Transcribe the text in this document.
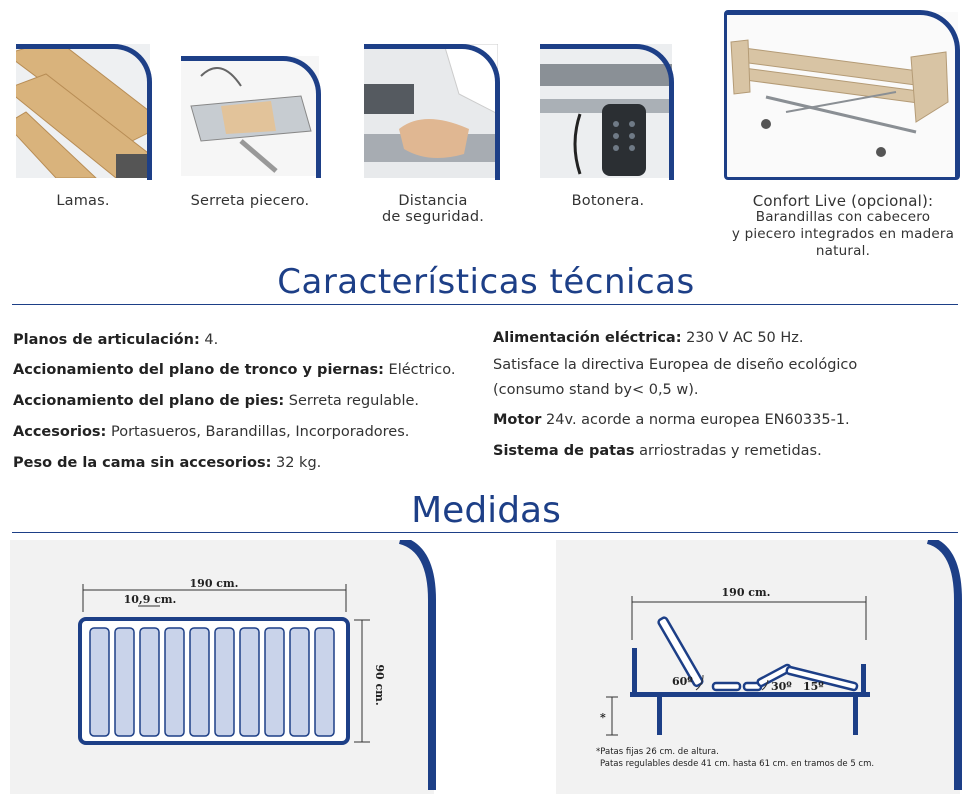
Lamas.	Serreta piecero.	Distancia
de seguridad.
Botonera.	Confort Live (opcional):
Barandillas con cabecero
y piecero integrados en madera
natural.
Características técnicas
Planos de articulación: 4.
Accionamiento del plano de tronco y piernas: Eléctrico.
Accionamiento del plano de pies: Serreta regulable.
Accesorios: Portasueros, Barandillas, Incorporadores.
Peso de la cama sin accesorios: 32 kg.
Alimentación eléctrica: 230 V AC 50 Hz.
Satisface la directiva Europea de diseño ecológico
(consumo stand by< 0,5 w).
Motor 24v. acorde a norma europea EN60335-1.
Sistema de patas arriostradas y remetidas.
Medidas
190 cm.
10,9 cm.
90 cm.
190 cm.
60º	30º 15º
*
*Patas fijas 26 cm. de altura.
Patas regulables desde 41 cm. hasta 61 cm. en tramos de 5 cm.
